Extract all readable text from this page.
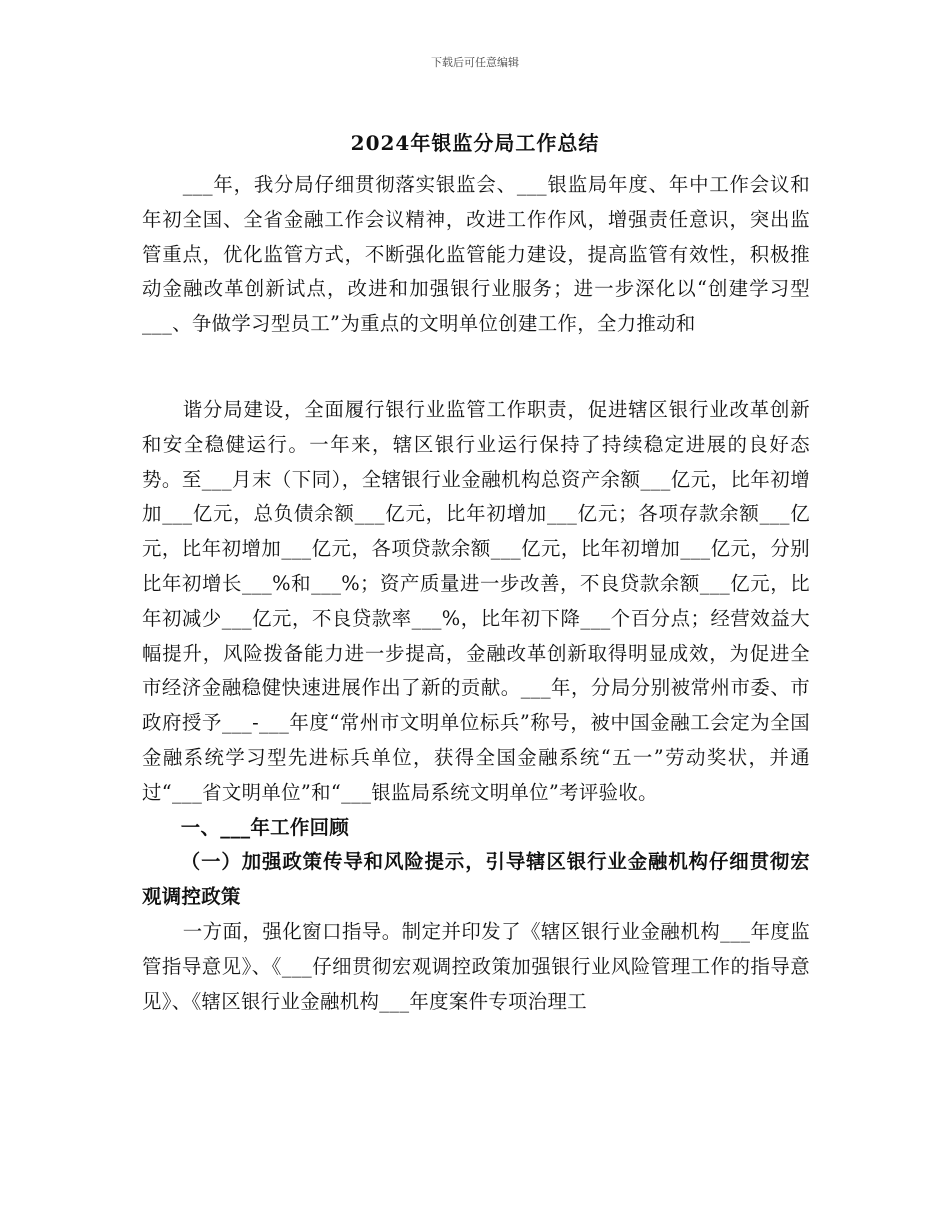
下载后可任意编辑
2024年银监分局工作总结

___年，我分局仔细贯彻落实银监会、___银监局年度、年中工作会议和年初全国、全省金融工作会议精神，改进工作作风，增强责任意识，突出监管重点，优化监管方式，不断强化监管能力建设，提高监管有效性，积极推动金融改革创新试点，改进和加强银行业服务；进一步深化以“创建学习型___、争做学习型员工”为重点的文明单位创建工作，全力推动和

谐分局建设，全面履行银行业监管工作职责，促进辖区银行业改革创新和安全稳健运行。一年来，辖区银行业运行保持了持续稳定进展的良好态势。至___月末（下同），全辖银行业金融机构总资产余额___亿元，比年初增加___亿元，总负债余额___亿元，比年初增加___亿元；各项存款余额___亿元，比年初增加___亿元，各项贷款余额___亿元，比年初增加___亿元，分别比年初增长___%和___%；资产质量进一步改善，不良贷款余额___亿元，比年初减少___亿元，不良贷款率___%，比年初下降___个百分点；经营效益大幅提升，风险拨备能力进一步提高，金融改革创新取得明显成效，为促进全市经济金融稳健快速进展作出了新的贡献。___年，分局分别被常州市委、市政府授予___-___年度“常州市文明单位标兵”称号，被中国金融工会定为全国金融系统学习型先进标兵单位，获得全国金融系统“五一”劳动奖状，并通过“___省文明单位”和“___银监局系统文明单位”考评验收。

一、___年工作回顾

（一）加强政策传导和风险提示，引导辖区银行业金融机构仔细贯彻宏观调控政策

一方面，强化窗口指导。制定并印发了《辖区银行业金融机构___年度监管指导意见》、《___仔细贯彻宏观调控政策加强银行业风险管理工作的指导意见》、《辖区银行业金融机构___年度案件专项治理工
